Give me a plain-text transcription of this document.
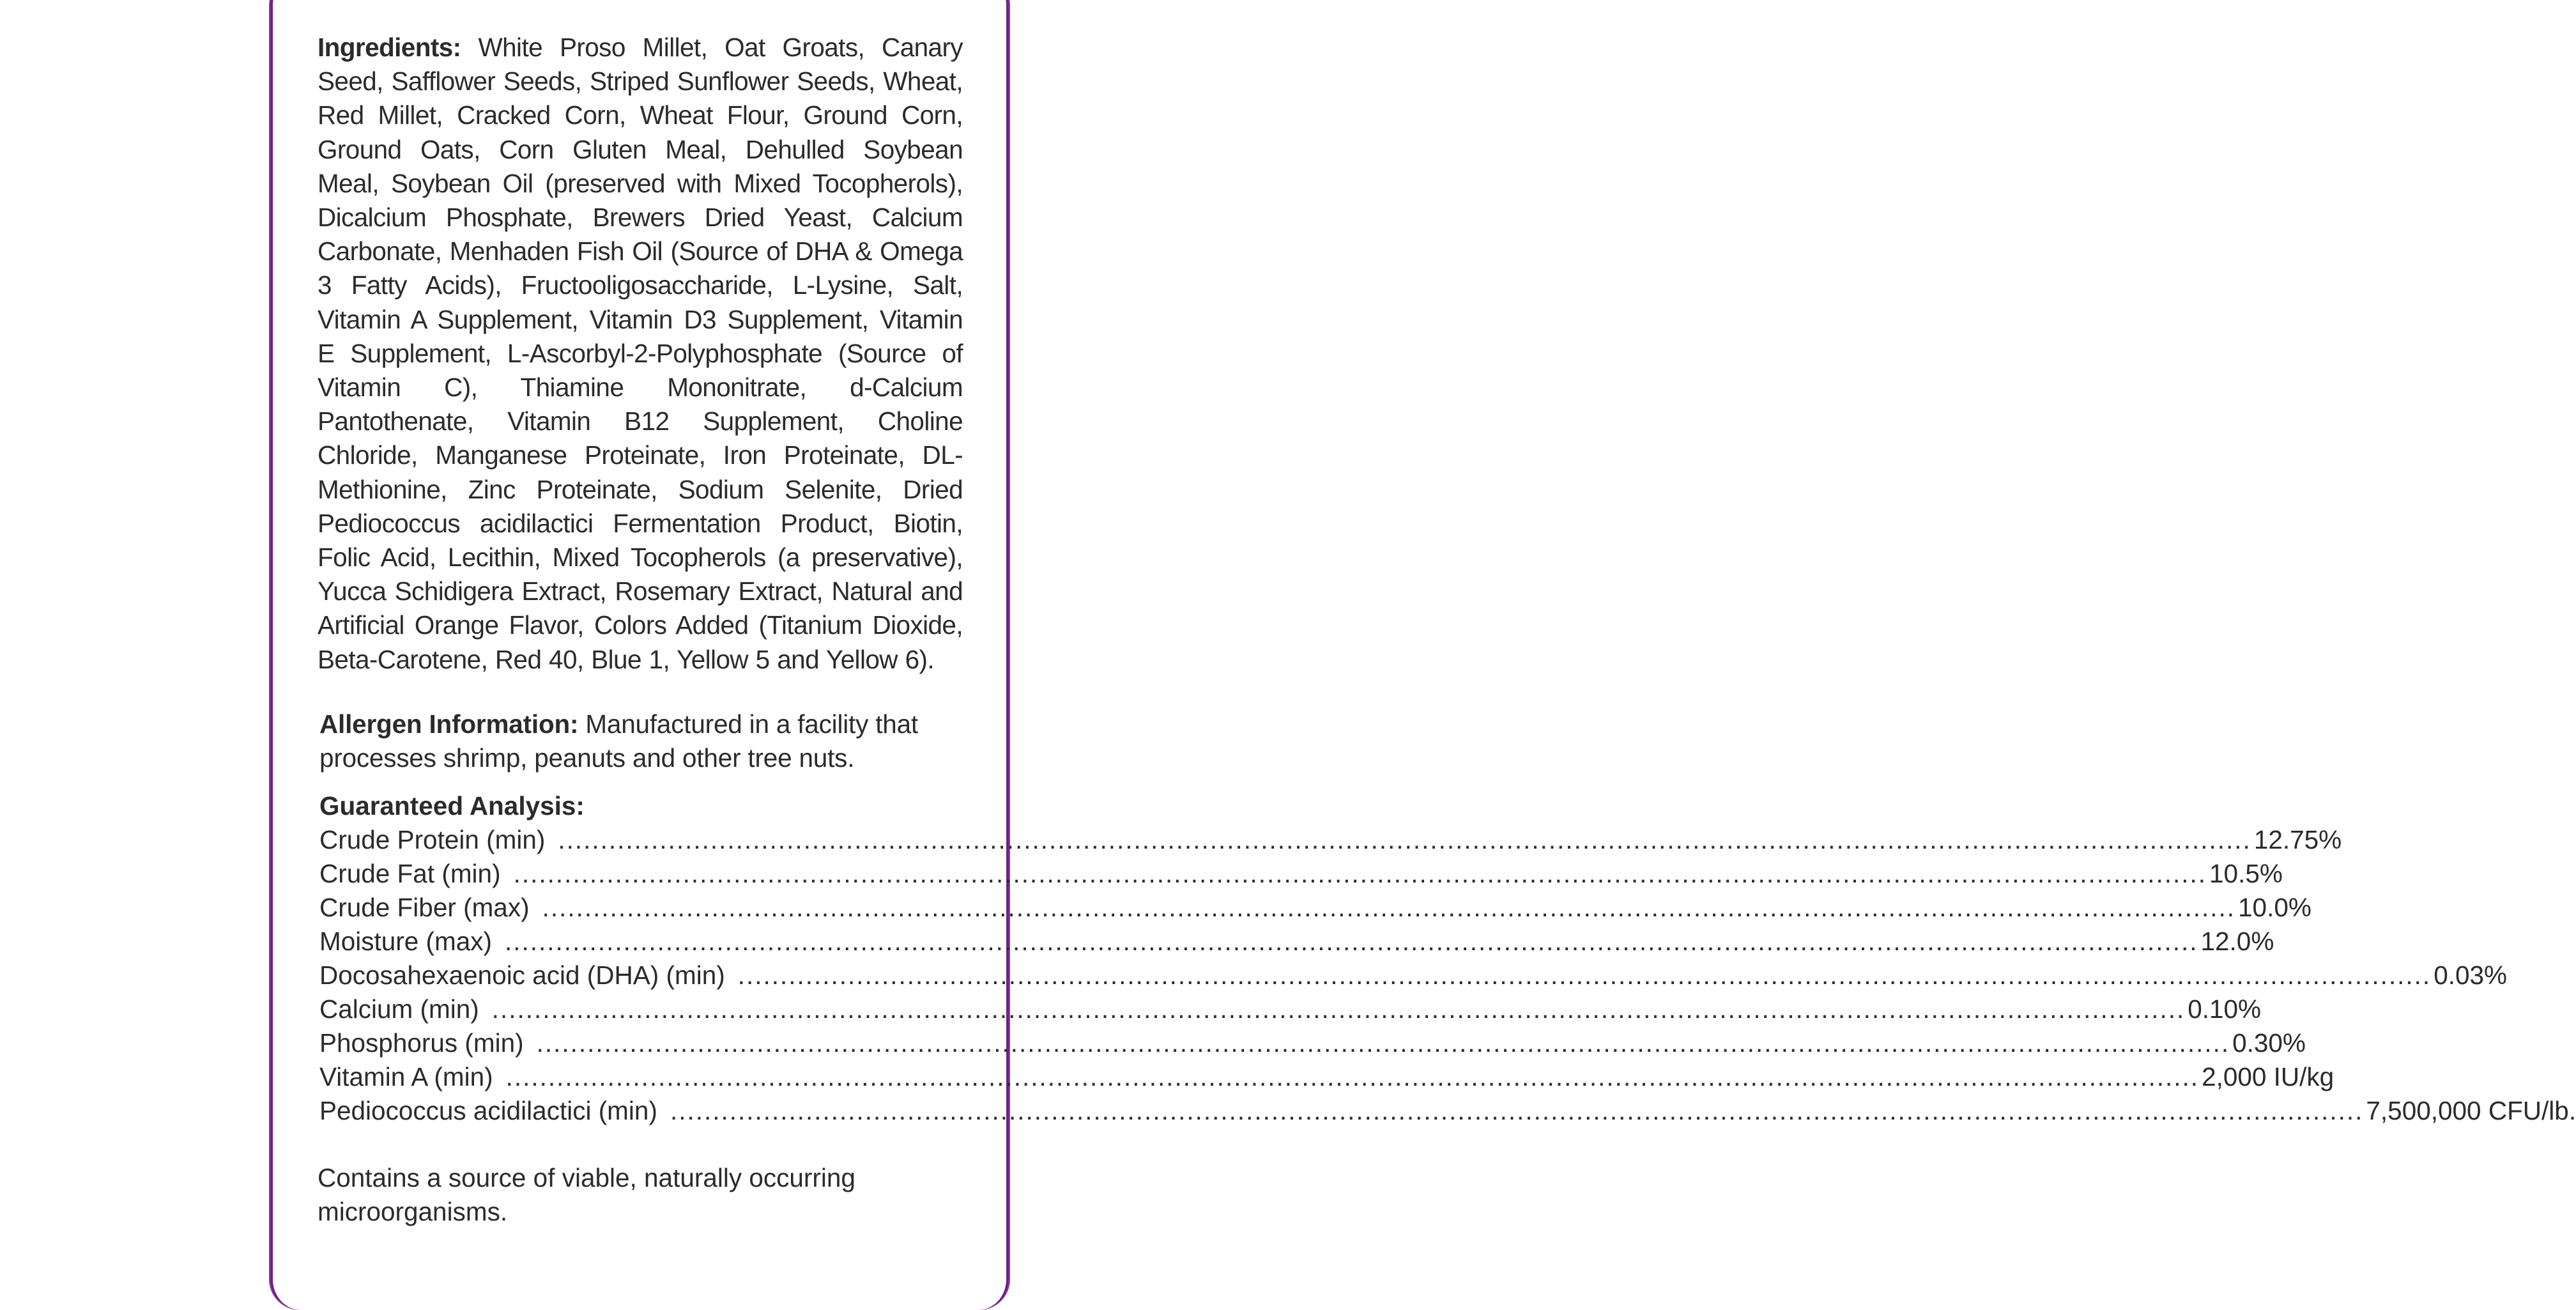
Ingredients: White Proso Millet, Oat Groats, Canary Seed, Safflower Seeds, Striped Sunflower Seeds, Wheat, Red Millet, Cracked Corn, Wheat Flour, Ground Corn, Ground Oats, Corn Gluten Meal, Dehulled Soybean Meal, Soybean Oil (preserved with Mixed Tocopherols), Dicalcium Phosphate, Brewers Dried Yeast, Calcium Carbonate, Menhaden Fish Oil (Source of DHA & Omega 3 Fatty Acids), Fructooligosaccharide, L-Lysine, Salt, Vitamin A Supplement, Vitamin D3 Supplement, Vitamin E Supplement, L-Ascorbyl-2-Polyphosphate (Source of Vitamin C), Thiamine Mononitrate, d-Calcium Pantothenate, Vitamin B12 Supplement, Choline Chloride, Manganese Proteinate, Iron Proteinate, DL-Methionine, Zinc Proteinate, Sodium Selenite, Dried Pediococcus acidilactici Fermentation Product, Biotin, Folic Acid, Lecithin, Mixed Tocopherols (a preservative), Yucca Schidigera Extract, Rosemary Extract, Natural and Artificial Orange Flavor, Colors Added (Titanium Dioxide, Beta-Carotene, Red 40, Blue 1, Yellow 5 and Yellow 6).

Allergen Information: Manufactured in a facility that processes shrimp, peanuts and other tree nuts.
Guaranteed Analysis:
Crude Protein (min) ........................................................................................................................................................................................................ 12.75%
Crude Fat (min) ........................................................................................................................................................................................................ 10.5%
Crude Fiber (max) ........................................................................................................................................................................................................ 10.0%
Moisture (max) ........................................................................................................................................................................................................ 12.0%
Docosahexaenoic acid (DHA) (min) ........................................................................................................................................................................................................ 0.03%
Calcium (min) ........................................................................................................................................................................................................ 0.10%
Phosphorus (min) ........................................................................................................................................................................................................ 0.30%
Vitamin A (min) ........................................................................................................................................................................................................ 2,000 IU/kg
Pediococcus acidilactici (min) ........................................................................................................................................................................................................ 7,500,000 CFU/lb.
Contains a source of viable, naturally occurring microorganisms.
